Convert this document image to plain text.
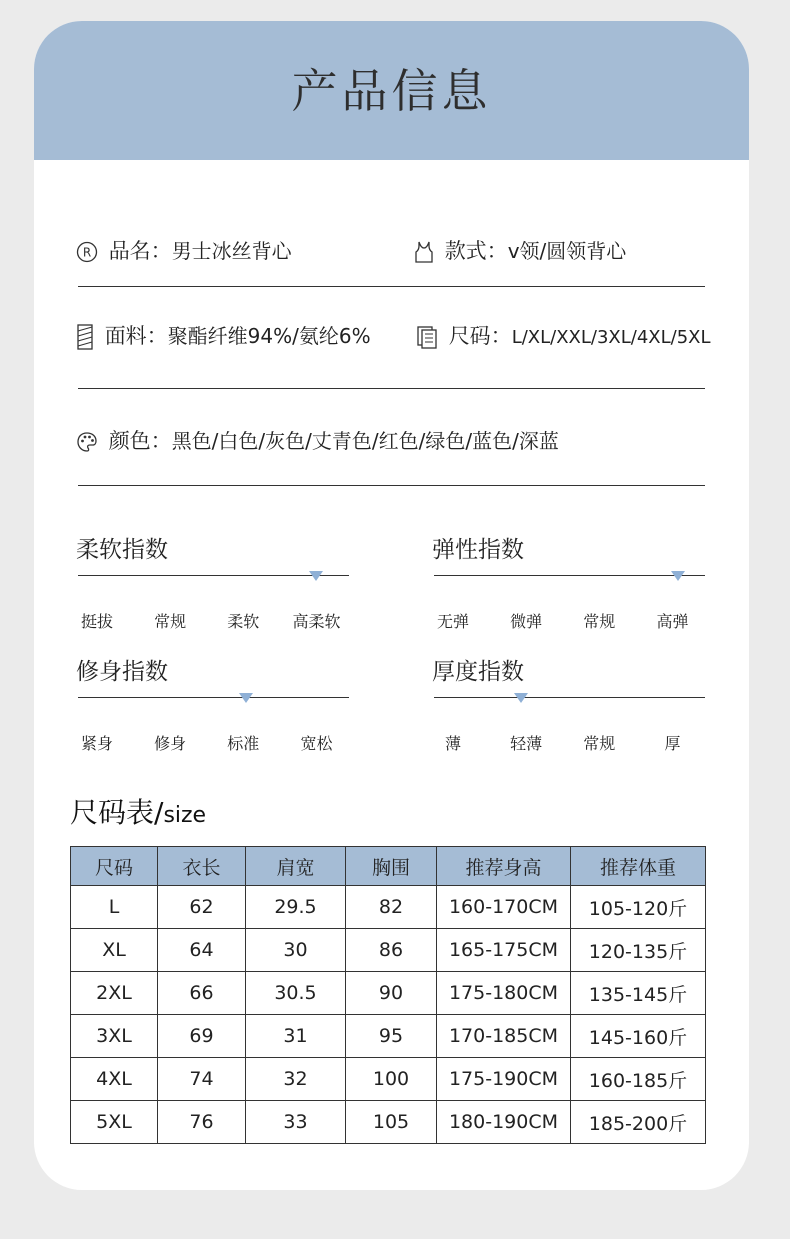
产品信息
R 品名：男士冰丝背心	款式：v领/圆领背心
面料：聚酯纤维94%/氨纶6%	尺码：L/XL/XXL/3XL/4XL/5XL
颜色：黑色/白色/灰色/丈青色/红色/绿色/蓝色/深蓝
柔软指数
挺拔	常规	柔软 高柔软
弹性指数
无弹	微弹	常规	高弹
修身指数
紧身	修身	标准	宽松
厚度指数
薄	轻薄	常规	厚
尺码表/size
尺码	衣长	肩宽	胸围	推荐身高	推荐体重
L	62	29.5	82	160-170CM	105-120斤
XL	64	30	86	165-175CM	120-135斤
2XL	66	30.5	90	175-180CM	135-145斤
3XL	69	31	95	170-185CM	145-160斤
4XL	74	32	100	175-190CM	160-185斤
5XL	76	33	105	180-190CM	185-200斤
